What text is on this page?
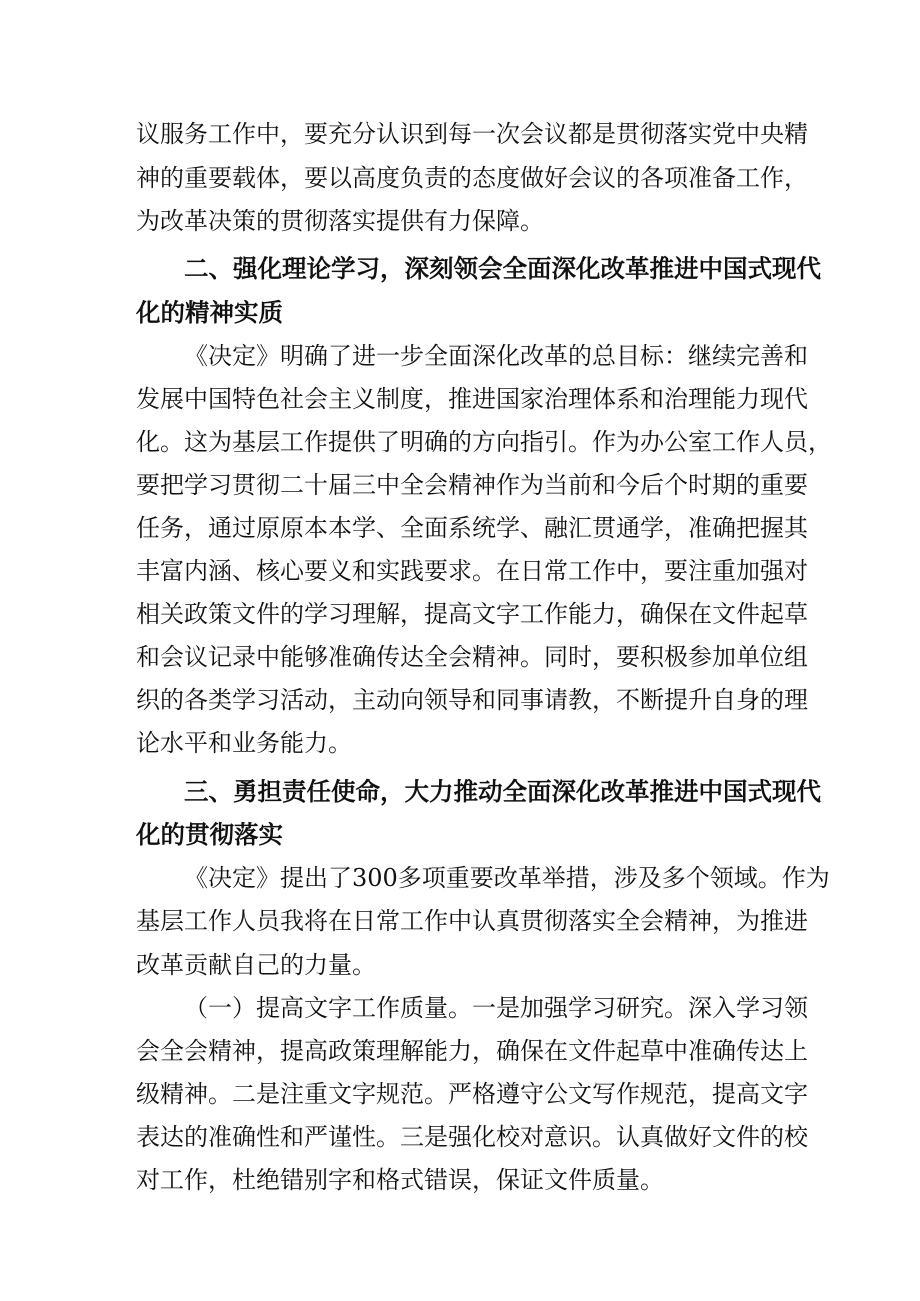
议服务工作中，要充分认识到每一次会议都是贯彻落实党中央精

神的重要载体，要以高度负责的态度做好会议的各项准备工作，

为改革决策的贯彻落实提供有力保障。

二、强化理论学习，深刻领会全面深化改革推进中国式现代

化的精神实质

《决定》明确了进一步全面深化改革的总目标：继续完善和

发展中国特色社会主义制度，推进国家治理体系和治理能力现代

化。这为基层工作提供了明确的方向指引。作为办公室工作人员，

要把学习贯彻二十届三中全会精神作为当前和今后个时期的重要

任务，通过原原本本学、全面系统学、融汇贯通学，准确把握其

丰富内涵、核心要义和实践要求。在日常工作中，要注重加强对

相关政策文件的学习理解，提高文字工作能力，确保在文件起草

和会议记录中能够准确传达全会精神。同时，要积极参加单位组

织的各类学习活动，主动向领导和同事请教，不断提升自身的理

论水平和业务能力。

三、勇担责任使命，大力推动全面深化改革推进中国式现代

化的贯彻落实

《决定》提出了300多项重要改革举措，涉及多个领域。作为

基层工作人员我将在日常工作中认真贯彻落实全会精神，为推进

改革贡献自己的力量。

（一）提高文字工作质量。一是加强学习研究。深入学习领

会全会精神，提高政策理解能力，确保在文件起草中准确传达上

级精神。二是注重文字规范。严格遵守公文写作规范，提高文字

表达的准确性和严谨性。三是强化校对意识。认真做好文件的校

对工作，杜绝错别字和格式错误，保证文件质量。
